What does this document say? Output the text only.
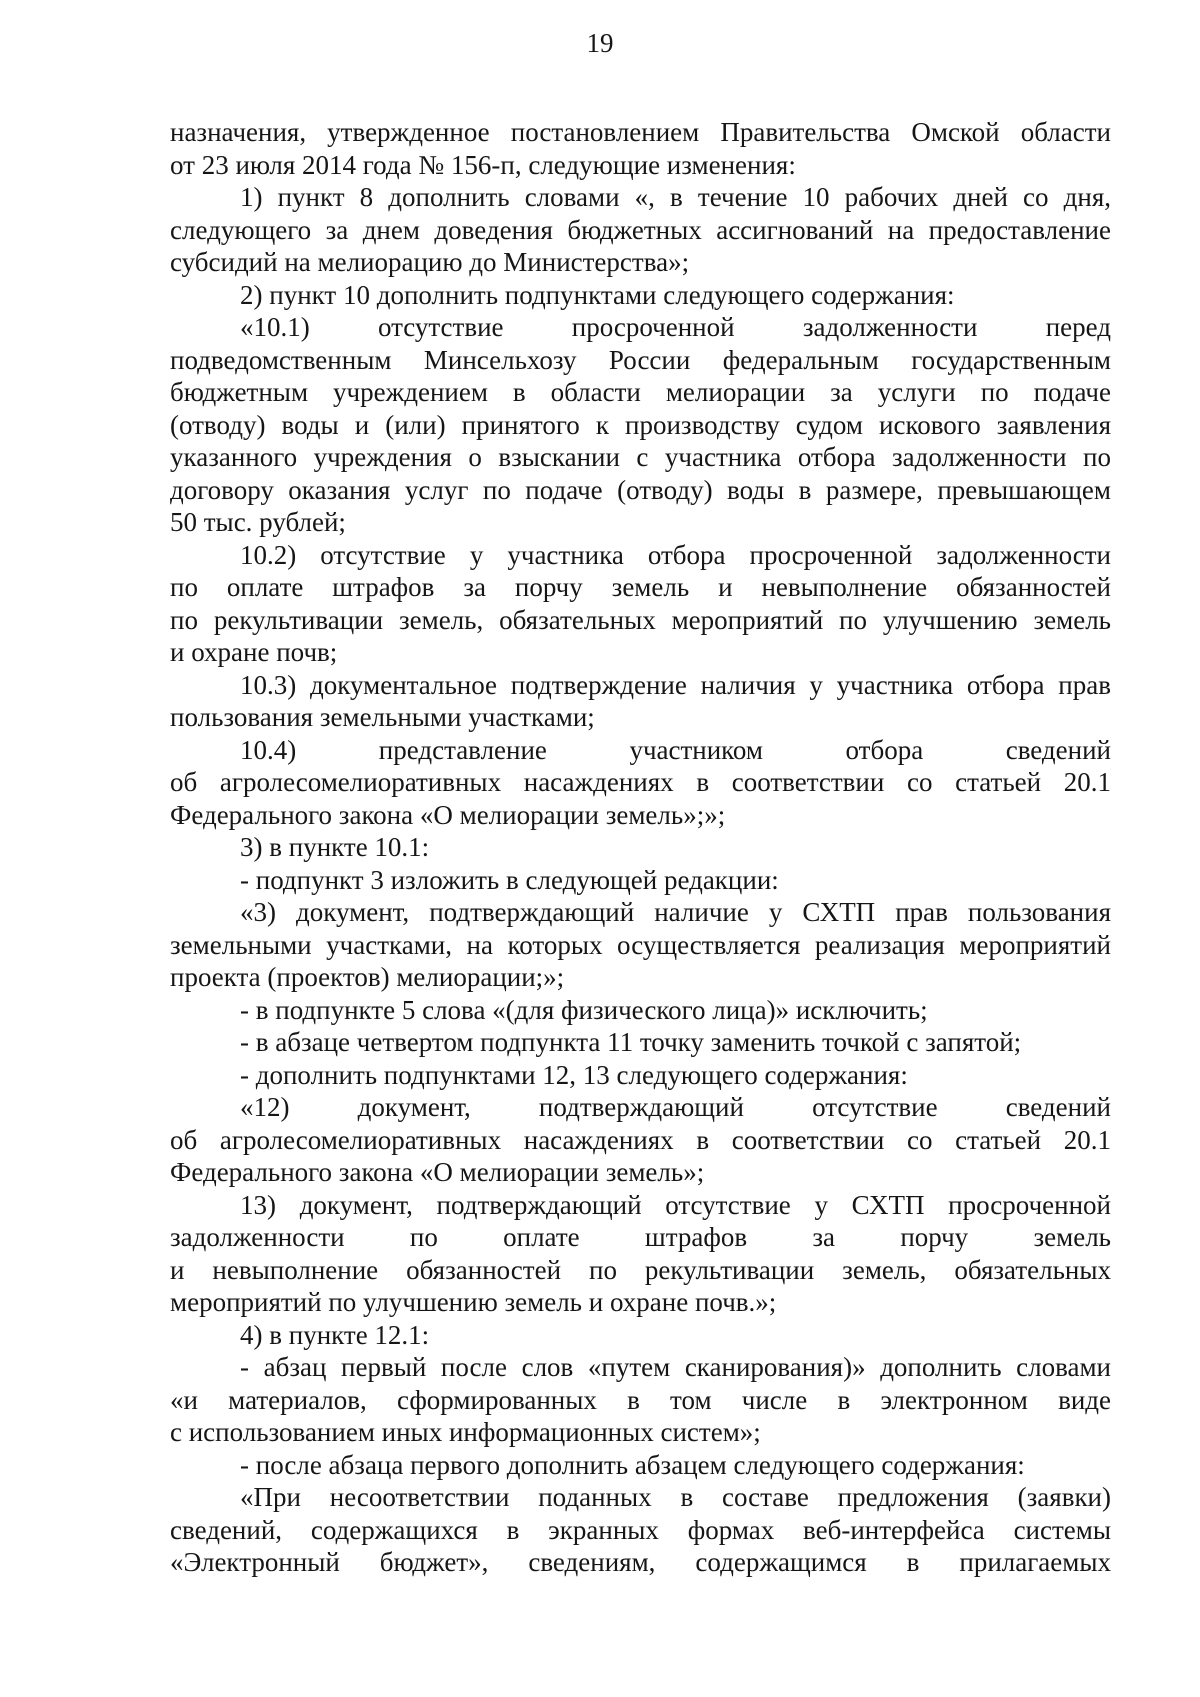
19
назначения, утвержденное постановлением Правительства Омской области
от 23 июля 2014 года № 156-п, следующие изменения:
1) пункт 8 дополнить словами «, в течение 10 рабочих дней со дня,
следующего за днем доведения бюджетных ассигнований на предоставление
субсидий на мелиорацию до Министерства»;
2) пункт 10 дополнить подпунктами следующего содержания:
«10.1) отсутствие просроченной задолженности перед
подведомственным Минсельхозу России федеральным государственным
бюджетным учреждением в области мелиорации за услуги по подаче
(отводу) воды и (или) принятого к производству судом искового заявления
указанного учреждения о взыскании с участника отбора задолженности по
договору оказания услуг по подаче (отводу) воды в размере, превышающем
50 тыс. рублей;
10.2) отсутствие у участника отбора просроченной задолженности
по оплате штрафов за порчу земель и невыполнение обязанностей
по рекультивации земель, обязательных мероприятий по улучшению земель
и охране почв;
10.3) документальное подтверждение наличия у участника отбора прав
пользования земельными участками;
10.4) представление участником отбора сведений
об агролесомелиоративных насаждениях в соответствии со статьей 20.1
Федерального закона «О мелиорации земель»;»;
3) в пункте 10.1:
- подпункт 3 изложить в следующей редакции:
«3) документ, подтверждающий наличие у СХТП прав пользования
земельными участками, на которых осуществляется реализация мероприятий
проекта (проектов) мелиорации;»;
- в подпункте 5 слова «(для физического лица)» исключить;
- в абзаце четвертом подпункта 11 точку заменить точкой с запятой;
- дополнить подпунктами 12, 13 следующего содержания:
«12) документ, подтверждающий отсутствие сведений
об агролесомелиоративных насаждениях в соответствии со статьей 20.1
Федерального закона «О мелиорации земель»;
13) документ, подтверждающий отсутствие у СХТП просроченной
задолженности по оплате штрафов за порчу земель
и невыполнение обязанностей по рекультивации земель, обязательных
мероприятий по улучшению земель и охране почв.»;
4) в пункте 12.1:
- абзац первый после слов «путем сканирования)» дополнить словами
«и материалов, сформированных в том числе в электронном виде
с использованием иных информационных систем»;
- после абзаца первого дополнить абзацем следующего содержания:
«При несоответствии поданных в составе предложения (заявки)
сведений, содержащихся в экранных формах веб-интерфейса системы
«Электронный бюджет», сведениям, содержащимся в прилагаемых
